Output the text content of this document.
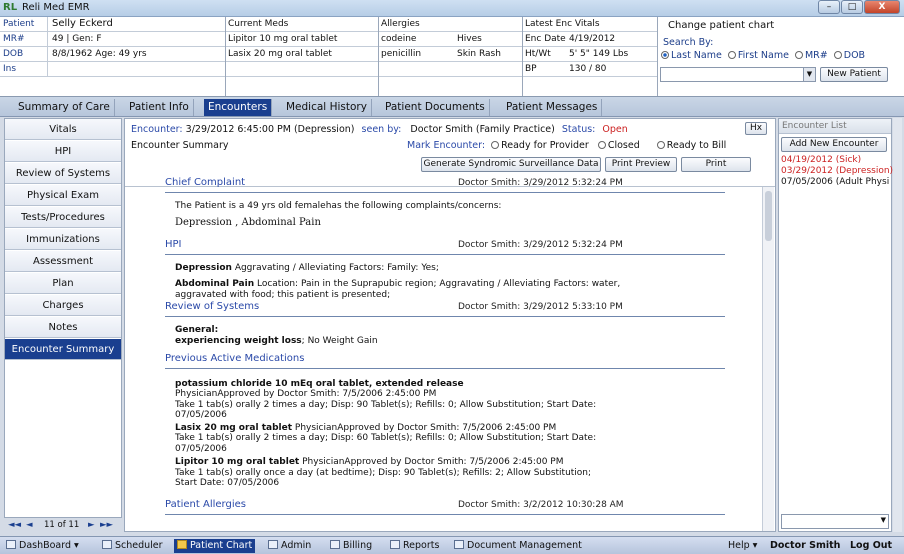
RL Reli Med EMR	–	□	X
Patient Selly Eckerd
MR#	49 | Gen: F
DOB	8/8/1962 Age: 49 yrs
Ins
Current Meds
Lipitor 10 mg oral tablet
Lasix 20 mg oral tablet
Allergies
codeine	Hives
penicillin	Skin Rash
Latest Enc Vitals
Enc Date 4/19/2012
Ht/Wt 5' 5" 149 Lbs
BP	130 / 80
Change patient chart
Search By:
Last Name First Name MR# DOB
▼	New Patient
Summary of Care	Patient Info	Encounters	Medical History	Patient Documents	Patient Messages
Vitals
HPI
Review of Systems
Physical Exam
Tests/Procedures
Immunizations
Assessment
Plan
Charges
Notes
Encounter Summary
◄◄ ◄ 11 of 11 ► ►►
Encounter: 3/29/2012 6:45:00 PM (Depression) seen by: Doctor Smith (Family Practice) Status: Open	Hx
Encounter Summary	Mark Encounter: Ready for Provider Closed	Ready to Bill
Generate Syndromic Surveillance Data	Print Preview	Print
Chief Complaint	Doctor Smith: 3/29/2012 5:32:24 PM
The Patient is a 49 yrs old femalehas the following complaints/concerns:
Depression , Abdominal Pain
HPI	Doctor Smith: 3/29/2012 5:32:24 PM
Depression Aggravating / Alleviating Factors: Family: Yes;
Abdominal Pain Location: Pain in the Suprapubic region; Aggravating / Alleviating Factors: water,
aggravated with food; this patient is presented;
Review of Systems	Doctor Smith: 3/29/2012 5:33:10 PM
General:
experiencing weight loss; No Weight Gain
Previous Active Medications
potassium chloride 10 mEq oral tablet, extended release
PhysicianApproved by Doctor Smith: 7/5/2006 2:45:00 PM
Take 1 tab(s) orally 2 times a day; Disp: 90 Tablet(s); Refills: 0; Allow Substitution; Start Date:
07/05/2006
Lasix 20 mg oral tablet PhysicianApproved by Doctor Smith: 7/5/2006 2:45:00 PM
Take 1 tab(s) orally 2 times a day; Disp: 60 Tablet(s); Refills: 0; Allow Substitution; Start Date:
07/05/2006
Lipitor 10 mg oral tablet PhysicianApproved by Doctor Smith: 7/5/2006 2:45:00 PM
Take 1 tab(s) orally once a day (at bedtime); Disp: 90 Tablet(s); Refills: 2; Allow Substitution;
Start Date: 07/05/2006
Patient Allergies	Doctor Smith: 3/2/2012 10:30:28 AM
Encounter List
Add New Encounter
04/19/2012 (Sick)
03/29/2012 (Depression)
07/05/2006 (Adult Physi
▼
DashBoard ▾	Scheduler	Patient Chart	Admin	Billing	Reports	Document Management	Help ▾ Doctor Smith Log Out
